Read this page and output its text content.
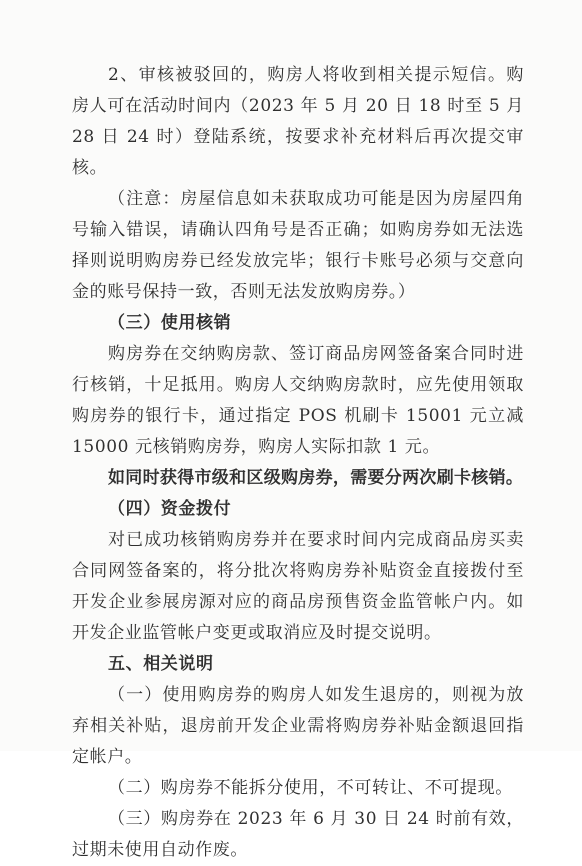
2、审核被驳回的，购房人将收到相关提示短信。购房人可在活动时间内（2023 年 5 月 20 日 18 时至 5 月 28 日 24 时）登陆系统，按要求补充材料后再次提交审核。
（注意：房屋信息如未获取成功可能是因为房屋四角号输入错误，请确认四角号是否正确；如购房券如无法选择则说明购房券已经发放完毕；银行卡账号必须与交意向金的账号保持一致，否则无法发放购房券。）
（三）使用核销
购房券在交纳购房款、签订商品房网签备案合同时进行核销，十足抵用。购房人交纳购房款时，应先使用领取购房券的银行卡，通过指定 POS 机刷卡 15001 元立减 15000 元核销购房券，购房人实际扣款 1 元。
如同时获得市级和区级购房券，需要分两次刷卡核销。
（四）资金拨付
对已成功核销购房券并在要求时间内完成商品房买卖合同网签备案的，将分批次将购房券补贴资金直接拨付至开发企业参展房源对应的商品房预售资金监管帐户内。如开发企业监管帐户变更或取消应及时提交说明。
五、相关说明
（一）使用购房券的购房人如发生退房的，则视为放弃相关补贴，退房前开发企业需将购房券补贴金额退回指定帐户。
（二）购房券不能拆分使用，不可转让、不可提现。
（三）购房券在 2023 年 6 月 30 日 24 时前有效，过期未使用自动作废。
